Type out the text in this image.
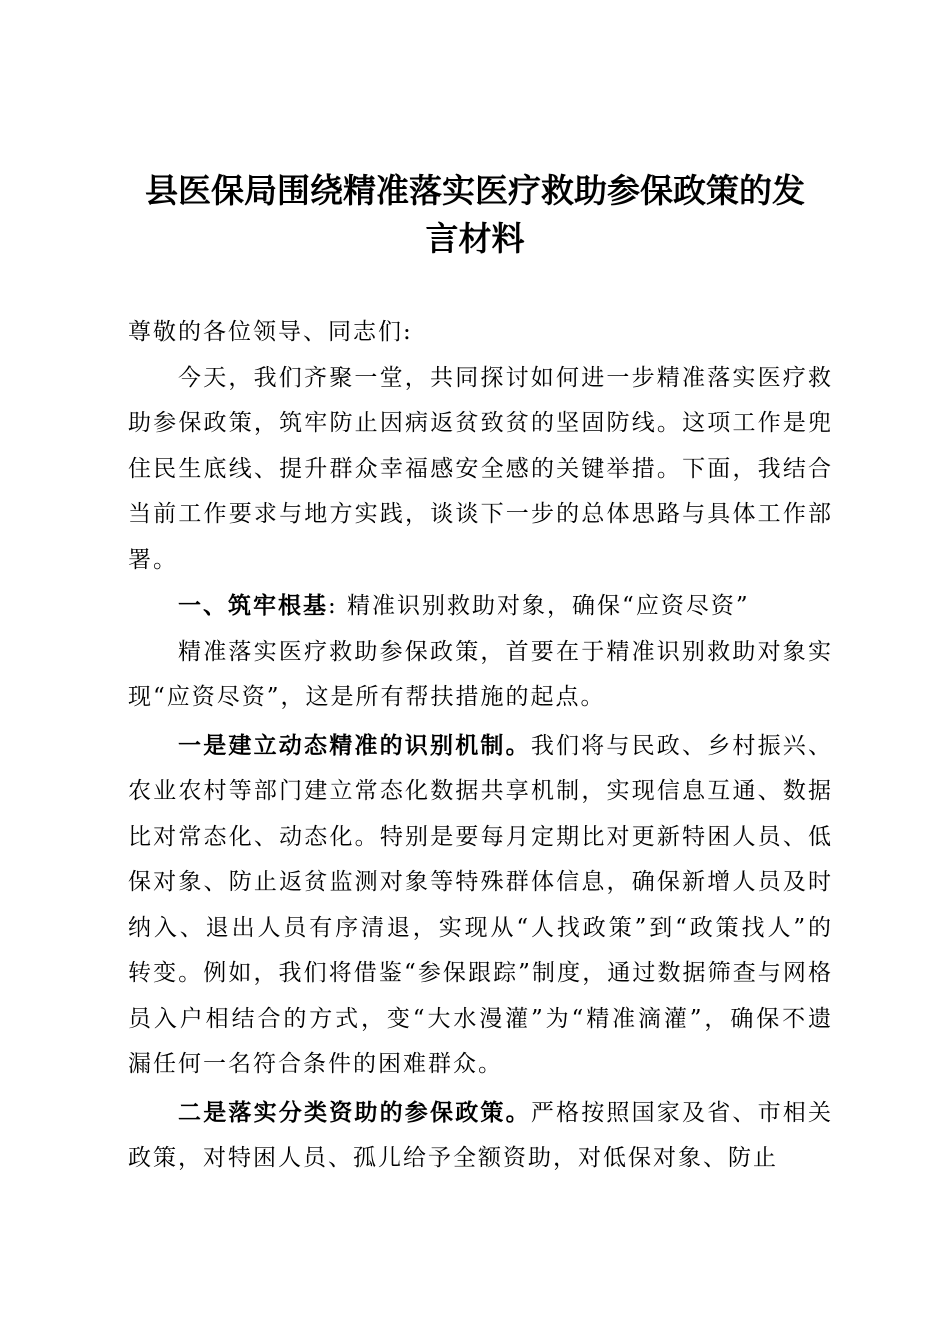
县医保局围绕精准落实医疗救助参保政策的发
言材料

尊敬的各位领导、同志们:

今天，我们齐聚一堂，共同探讨如何进一步精准落实医疗救助参保政策，筑牢防止因病返贫致贫的坚固防线。这项工作是兜住民生底线、提升群众幸福感安全感的关键举措。下面，我结合当前工作要求与地方实践，谈谈下一步的总体思路与具体工作部署。

一、筑牢根基: 精准识别救助对象，确保“应资尽资”

精准落实医疗救助参保政策，首要在于精准识别救助对象实现“应资尽资”，这是所有帮扶措施的起点。

一是建立动态精准的识别机制。我们将与民政、乡村振兴、农业农村等部门建立常态化数据共享机制，实现信息互通、数据比对常态化、动态化。特别是要每月定期比对更新特困人员、低保对象、防止返贫监测对象等特殊群体信息，确保新增人员及时纳入、退出人员有序清退，实现从“人找政策”到“政策找人”的转变。例如，我们将借鉴“参保跟踪”制度，通过数据筛查与网格员入户相结合的方式，变“大水漫灌”为“精准滴灌”，确保不遗漏任何一名符合条件的困难群众。

二是落实分类资助的参保政策。严格按照国家及省、市相关政策，对特困人员、孤儿给予全额资助，对低保对象、防止
